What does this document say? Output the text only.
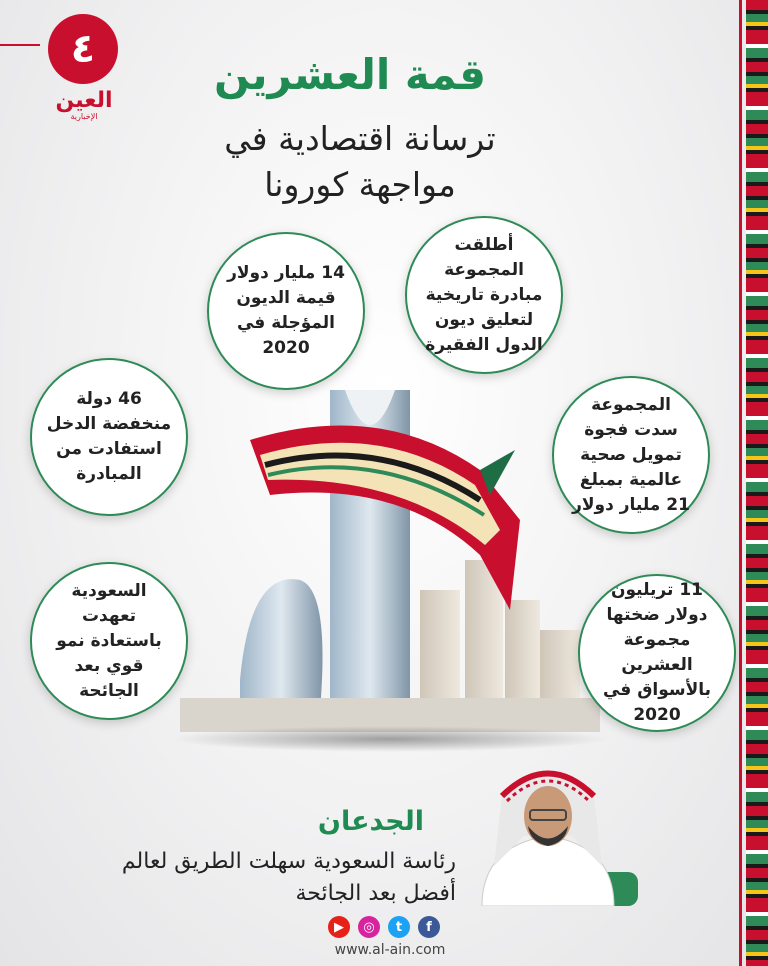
٤
العين
الإخبارية
قمة العشرين
ترسانة اقتصادية في
مواجهة كورونا
14 مليار دولار قيمة الديون المؤجلة في 2020
أطلقت المجموعة مبادرة تاريخية لتعليق ديون الدول الفقيرة
46 دولة منخفضة الدخل استفادت من المبادرة
المجموعة سدت فجوة تمويل صحية عالمية بمبلغ 21 مليار دولار
السعودية تعهدت باستعادة نمو قوي بعد الجائحة
11 تريليون دولار ضختها مجموعة العشرين بالأسواق في 2020
الجدعان
رئاسة السعودية سهلت الطريق لعالم أفضل بعد الجائحة
▶	◎	t	f
www.al-ain.com
